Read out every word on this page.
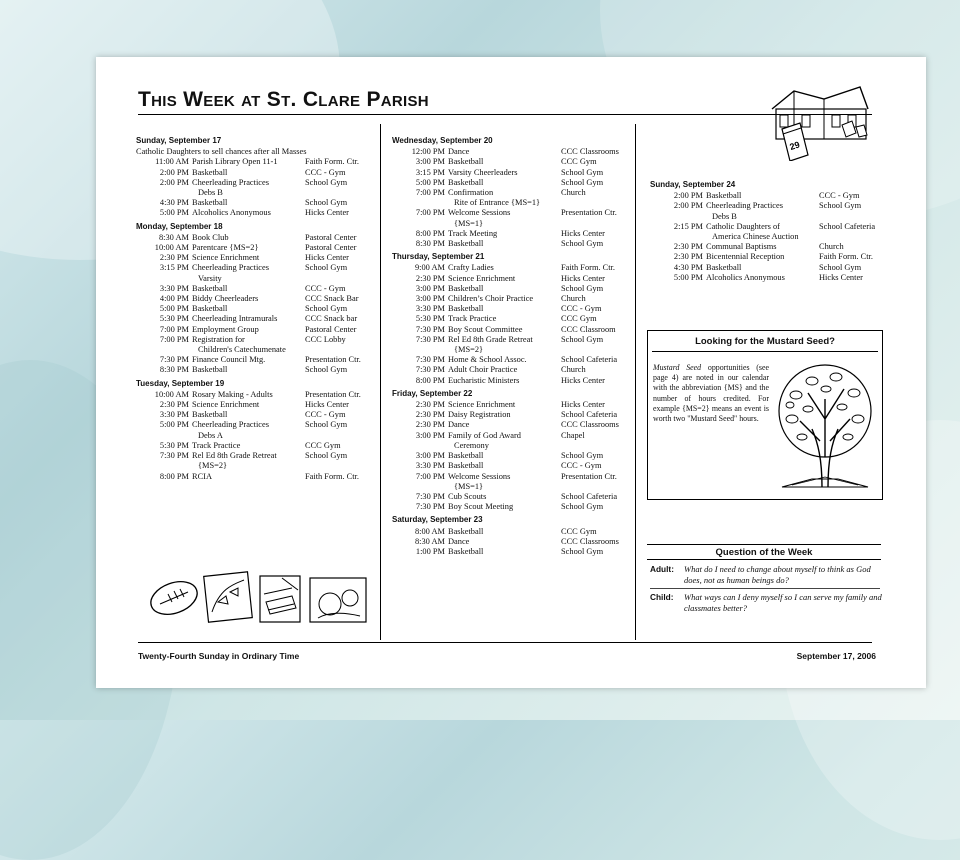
This Week at St. Clare Parish
29
Sunday, September 17
Catholic Daughters to sell chances after all Masses
11:00 AM Parish Library Open 11-1	Faith Form. Ctr.
2:00 PM Basketball	CCC - Gym
2:00 PM Cheerleading Practices	School Gym
Debs B
4:30 PM Basketball	School Gym
5:00 PM Alcoholics Anonymous	Hicks Center
Monday, September 18
8:30 AM Book Club	Pastoral Center
10:00 AM Parentcare {MS=2}	Pastoral Center
2:30 PM Science Enrichment	Hicks Center
3:15 PM Cheerleading Practices	School Gym
Varsity
3:30 PM Basketball	CCC - Gym
4:00 PM Biddy Cheerleaders	CCC Snack Bar
5:00 PM Basketball	School Gym
5:30 PM Cheerleading Intramurals	CCC Snack bar
7:00 PM Employment Group	Pastoral Center
7:00 PM Registration for	CCC Lobby
Children's Catechumenate
7:30 PM Finance Council Mtg.	Presentation Ctr.
8:30 PM Basketball	School Gym
Tuesday, September 19
10:00 AM Rosary Making - Adults	Presentation Ctr.
2:30 PM Science Enrichment	Hicks Center
3:30 PM Basketball	CCC - Gym
5:00 PM Cheerleading Practices	School Gym
Debs A
5:30 PM Track Practice	CCC Gym
7:30 PM Rel Ed 8th Grade Retreat	School Gym
{MS=2}
8:00 PM RCIA	Faith Form. Ctr.
Wednesday, September 20
12:00 PM Dance	CCC Classrooms
3:00 PM Basketball	CCC Gym
3:15 PM Varsity Cheerleaders	School Gym
5:00 PM Basketball	School Gym
7:00 PM Confirmation	Church
Rite of Entrance {MS=1}
7:00 PM Welcome Sessions	Presentation Ctr.
{MS=1}
8:00 PM Track Meeting	Hicks Center
8:30 PM Basketball	School Gym
Thursday, September 21
9:00 AM Crafty Ladies	Faith Form. Ctr.
2:30 PM Science Enrichment	Hicks Center
3:00 PM Basketball	School Gym
3:00 PM Children’s Choir Practice	Church
3:30 PM Basketball	CCC - Gym
5:30 PM Track Practice	CCC Gym
7:30 PM Boy Scout Committee	CCC Classroom
7:30 PM Rel Ed 8th Grade Retreat	School Gym
{MS=2}
7:30 PM Home & School Assoc.	School Cafeteria
7:30 PM Adult Choir Practice	Church
8:00 PM Eucharistic Ministers	Hicks Center
Friday, September 22
2:30 PM Science Enrichment	Hicks Center
2:30 PM Daisy Registration	School Cafeteria
2:30 PM Dance	CCC Classrooms
3:00 PM Family of God Award	Chapel
Ceremony
3:00 PM Basketball	School Gym
3:30 PM Basketball	CCC - Gym
7:00 PM Welcome Sessions	Presentation Ctr.
{MS=1}
7:30 PM Cub Scouts	School Cafeteria
7:30 PM Boy Scout Meeting	School Gym
Saturday, September 23
8:00 AM Basketball	CCC Gym
8:30 AM Dance	CCC Classrooms
1:00 PM Basketball	School Gym
Sunday, September 24
2:00 PM Basketball	CCC - Gym
2:00 PM Cheerleading Practices	School Gym
Debs B
2:15 PM Catholic Daughters of	School Cafeteria
America Chinese Auction
2:30 PM Communal Baptisms	Church
2:30 PM Bicentennial Reception	Faith Form. Ctr.
4:30 PM Basketball	School Gym
5:00 PM Alcoholics Anonymous	Hicks Center
Looking for the Mustard Seed?
Mustard Seed opportunities (see page 4) are noted in our calendar with the abbreviation {MS} and the number of hours credited. For example {MS=2} means an event is worth two "Mustard Seed" hours.
Question of the Week
Adult:	What do I need to change about myself to think as God does, not as human beings do?
Child:	What ways can I deny myself so I can serve my family and classmates better?
Twenty-Fourth Sunday in Ordinary Time	September 17, 2006
